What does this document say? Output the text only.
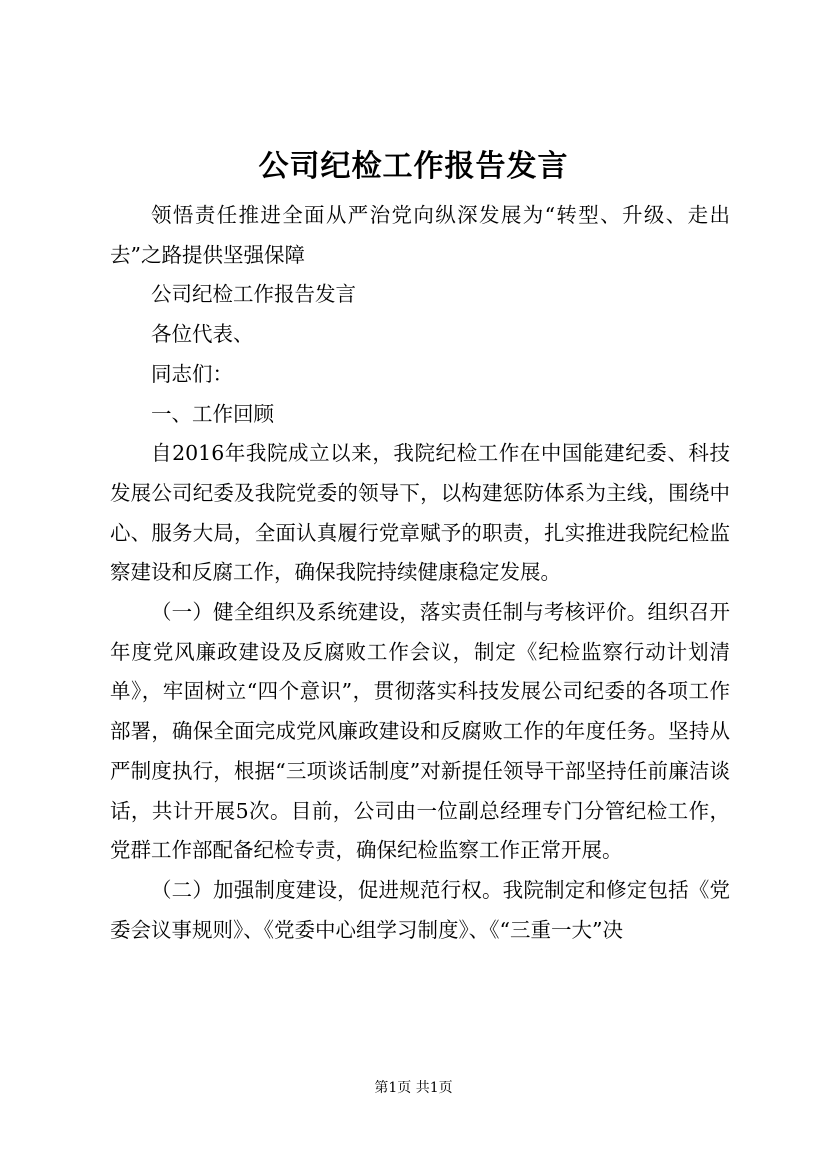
公司纪检工作报告发言

领悟责任推进全面从严治党向纵深发展为“转型、升级、走出去”之路提供坚强保障

公司纪检工作报告发言

各位代表、

同志们：

一、工作回顾

自2016年我院成立以来，我院纪检工作在中国能建纪委、科技发展公司纪委及我院党委的领导下，以构建惩防体系为主线，围绕中心、服务大局，全面认真履行党章赋予的职责，扎实推进我院纪检监察建设和反腐工作，确保我院持续健康稳定发展。

（一）健全组织及系统建设，落实责任制与考核评价。组织召开年度党风廉政建设及反腐败工作会议，制定《纪检监察行动计划清单》，牢固树立“四个意识”，贯彻落实科技发展公司纪委的各项工作部署，确保全面完成党风廉政建设和反腐败工作的年度任务。坚持从严制度执行，根据“三项谈话制度”对新提任领导干部坚持任前廉洁谈话，共计开展5次。目前，公司由一位副总经理专门分管纪检工作，党群工作部配备纪检专责，确保纪检监察工作正常开展。

（二）加强制度建设，促进规范行权。我院制定和修定包括《党委会议事规则》、《党委中心组学习制度》、《“三重一大”决

第1页 共1页
